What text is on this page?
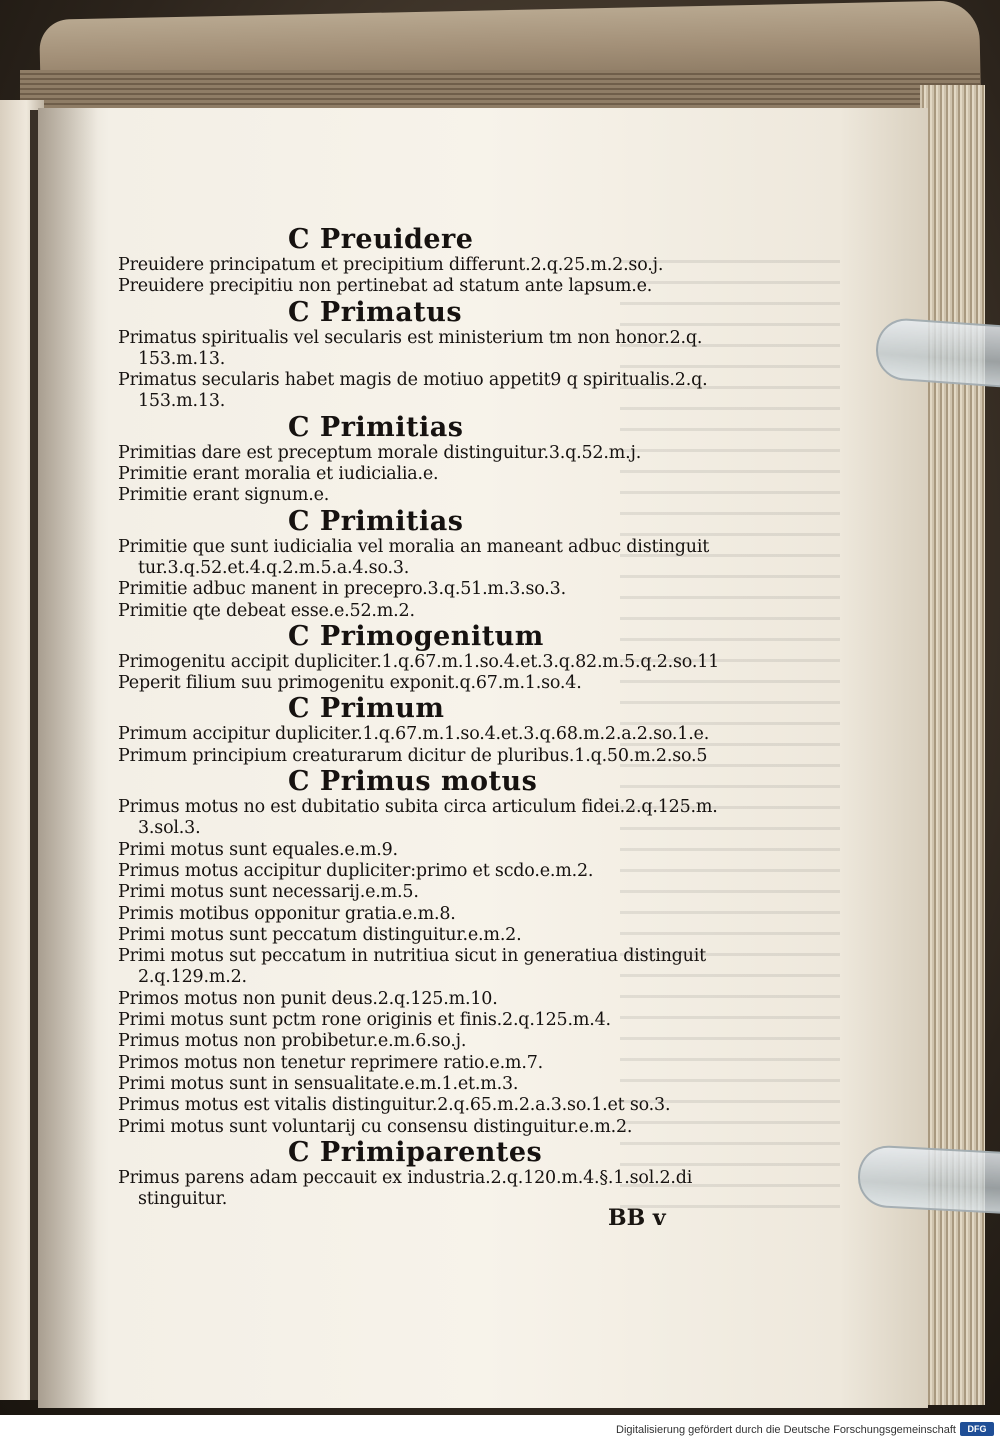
C Preuidere
Preuidere principatum et precipitium differunt.2.q.25.m.2.so.j.
Preuidere precipitiu non pertinebat ad statum ante lapsum.e.
C Primatus
Primatus spiritualis vel secularis est ministerium tm non honor.2.q.
153.m.13.
Primatus secularis habet magis de motiuo appetit9 q spiritualis.2.q.
153.m.13.
C Primitias
Primitias dare est preceptum morale distinguitur.3.q.52.m.j.
Primitie erant moralia et iudicialia.e.
Primitie erant signum.e.
C Primitias
Primitie que sunt iudicialia vel moralia an maneant adbuc distinguit
tur.3.q.52.et.4.q.2.m.5.a.4.so.3.
Primitie adbuc manent in precepro.3.q.51.m.3.so.3.
Primitie qte debeat esse.e.52.m.2.
C Primogenitum
Primogenitu accipit dupliciter.1.q.67.m.1.so.4.et.3.q.82.m.5.q.2.so.11
Peperit filium suu primogenitu exponit.q.67.m.1.so.4.
C Primum
Primum accipitur dupliciter.1.q.67.m.1.so.4.et.3.q.68.m.2.a.2.so.1.e.
Primum principium creaturarum dicitur de pluribus.1.q.50.m.2.so.5
C Primus motus
Primus motus no est dubitatio subita circa articulum fidei.2.q.125.m.
3.sol.3.
Primi motus sunt equales.e.m.9.
Primus motus accipitur dupliciter:primo et scdo.e.m.2.
Primi motus sunt necessarij.e.m.5.
Primis motibus opponitur gratia.e.m.8.
Primi motus sunt peccatum distinguitur.e.m.2.
Primi motus sut peccatum in nutritiua sicut in generatiua distinguit
2.q.129.m.2.
Primos motus non punit deus.2.q.125.m.10.
Primi motus sunt pctm rone originis et finis.2.q.125.m.4.
Primus motus non probibetur.e.m.6.so.j.
Primos motus non tenetur reprimere ratio.e.m.7.
Primi motus sunt in sensualitate.e.m.1.et.m.3.
Primus motus est vitalis distinguitur.2.q.65.m.2.a.3.so.1.et so.3.
Primi motus sunt voluntarij cu consensu distinguitur.e.m.2.
C Primiparentes
Primus parens adam peccauit ex industria.2.q.120.m.4.§.1.sol.2.di
stinguitur.
BB v
Digitalisierung gefördert durch die Deutsche Forschungsgemeinschaft	DFG
